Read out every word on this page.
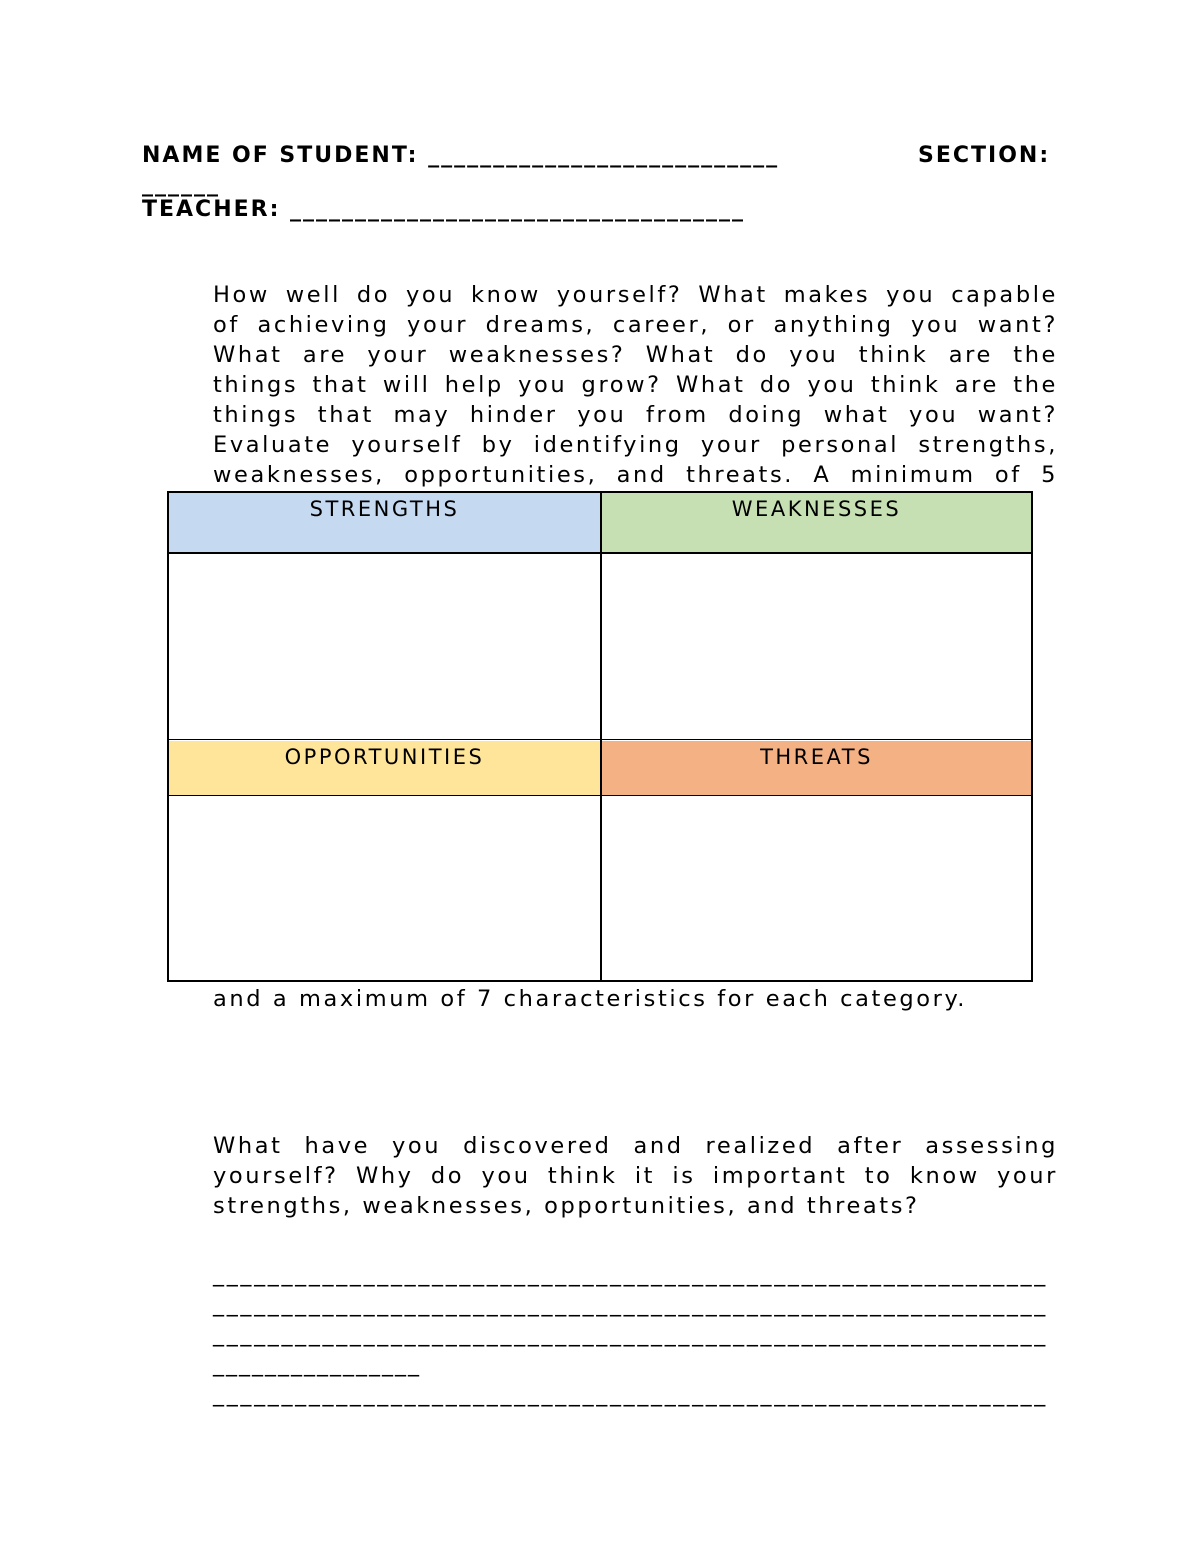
NAME OF STUDENT: ___________________________	SECTION:
______
TEACHER: ___________________________________
How well do you know yourself? What makes you capable
of achieving your dreams, career, or anything you want?
What are your weaknesses? What do you think are the
things that will help you grow? What do you think are the
things that may hinder you from doing what you want?
Evaluate yourself by identifying your personal strengths,
weaknesses, opportunities, and threats. A minimum of 5
STRENGTHS	WEAKNESSES
OPPORTUNITIES	THREATS
and a maximum of 7 characteristics for each category.
What have you discovered and realized after assessing
yourself? Why do you think it is important to know your
strengths, weaknesses, opportunities, and threats?
_____________________________________________________________
_____________________________________________________________
_____________________________________________________________
________________
_____________________________________________________________
